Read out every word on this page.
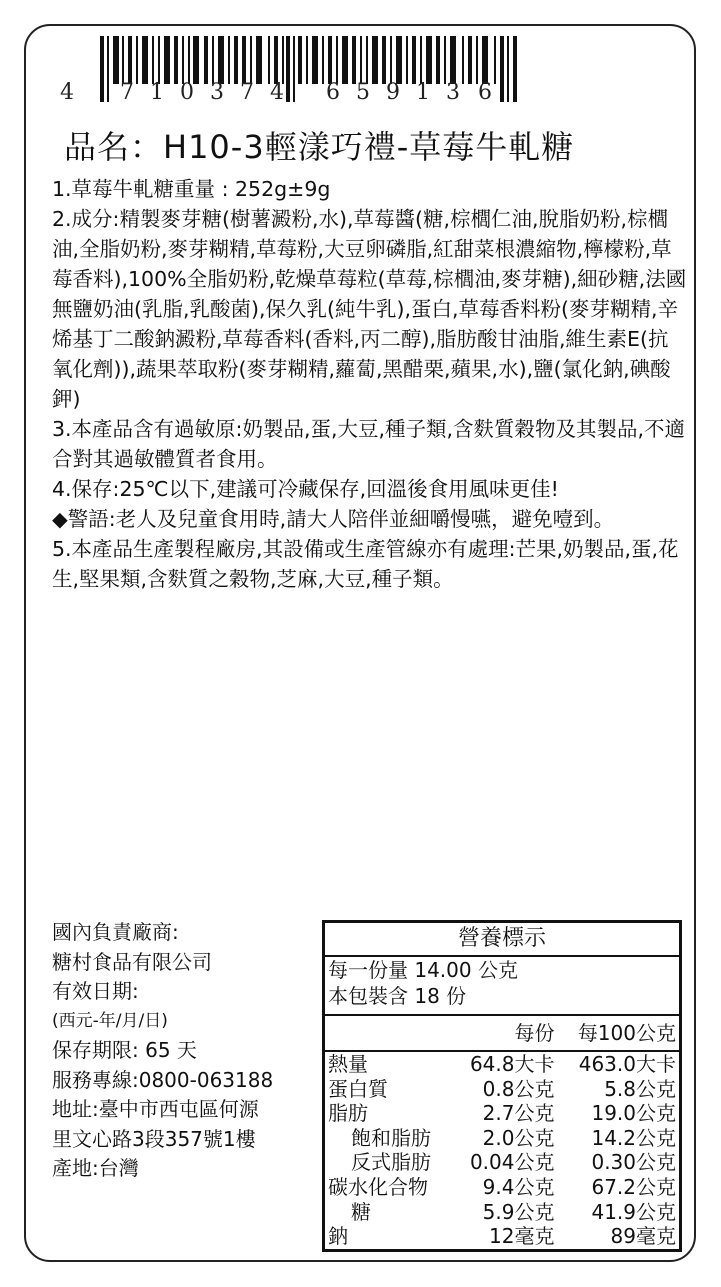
4 7 1 0 3 7 4 6 5 9 1 3 6
品名：H10-3輕漾巧禮-草莓牛軋糖

1.草莓牛軋糖重量 : 252g±9g

2.成分:精製麥芽糖(樹薯澱粉,水),草莓醬(糖,棕櫚仁油,脫脂奶粉,棕櫚油,全脂奶粉,麥芽糊精,草莓粉,大豆卵磷脂,紅甜菜根濃縮物,檸檬粉,草莓香料),100%全脂奶粉,乾燥草莓粒(草莓,棕櫚油,麥芽糖),細砂糖,法國無鹽奶油(乳脂,乳酸菌),保久乳(純牛乳),蛋白,草莓香料粉(麥芽糊精,辛烯基丁二酸鈉澱粉,草莓香料(香料,丙二醇),脂肪酸甘油脂,維生素E(抗氧化劑)),蔬果萃取粉(麥芽糊精,蘿蔔,黑醋栗,蘋果,水),鹽(氯化鈉,碘酸鉀)

3.本產品含有過敏原:奶製品,蛋,大豆,種子類,含麩質穀物及其製品,不適合對其過敏體質者食用。

4.保存:25℃以下,建議可冷藏保存,回溫後食用風味更佳!

◆警語:老人及兒童食用時,請大人陪伴並細嚼慢嚥，避免噎到。

5.本產品生產製程廠房,其設備或生產管線亦有處理:芒果,奶製品,蛋,花生,堅果類,含麩質之穀物,芝麻,大豆,種子類。

國內負責廠商:
糖村食品有限公司
有效日期:
(西元-年/月/日)
保存期限: 65 天
服務專線:0800-063188
地址:臺中市西屯區何源
里文心路3段357號1樓
產地:台灣
營養標示		
每一份量 14.00 公克		
本包裝含 18 份		
	每份	每100公克
熱量	64.8大卡	463.0大卡
蛋白質	0.8公克	5.8公克
脂肪	2.7公克	19.0公克
飽和脂肪	2.0公克	14.2公克
反式脂肪	0.04公克	0.30公克
碳水化合物	9.4公克	67.2公克
糖	5.9公克	41.9公克
鈉	12毫克	89毫克
